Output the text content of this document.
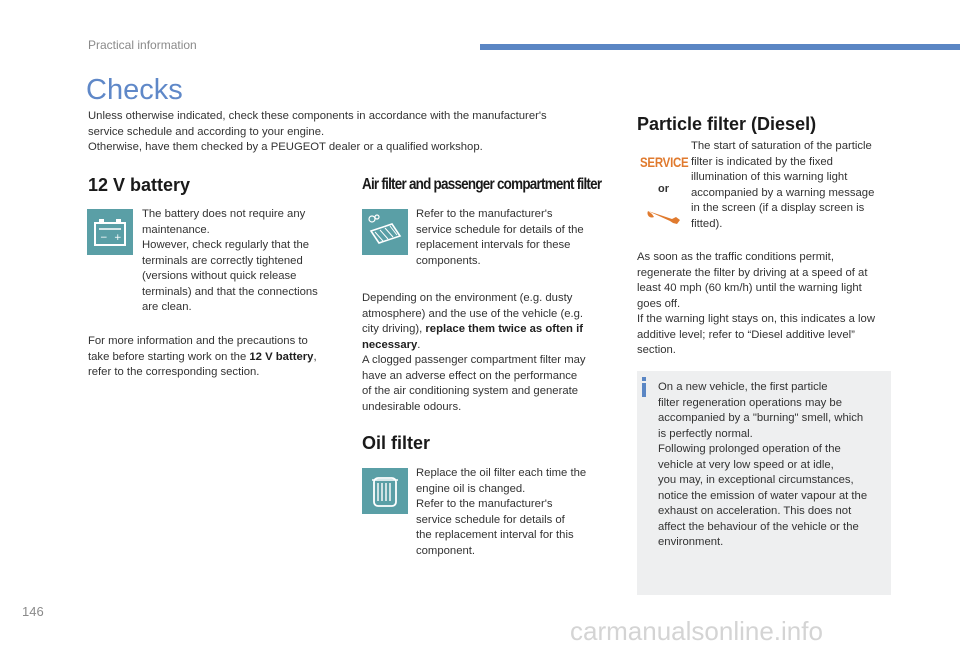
Practical information
Checks
Unless otherwise indicated, check these components in accordance with the manufacturer's
service schedule and according to your engine.
Otherwise, have them checked by a PEUGEOT dealer or a qualified workshop.
12 V battery
− +
The battery does not require any
maintenance.
However, check regularly that the
terminals are correctly tightened
(versions without quick release
terminals) and that the connections
are clean.
For more information and the precautions to
take before starting work on the 12 V battery,
refer to the corresponding section.
Air filter and passenger compartment filter
Refer to the manufacturer's
service schedule for details of the
replacement intervals for these
components.
Depending on the environment (e.g. dusty
atmosphere) and the use of the vehicle (e.g.
city driving), replace them twice as often if
necessary.
A clogged passenger compartment filter may
have an adverse effect on the performance
of the air conditioning system and generate
undesirable odours.
Oil filter
Replace the oil filter each time the
engine oil is changed.
Refer to the manufacturer's
service schedule for details of
the replacement interval for this
component.
Particle filter (Diesel)
SERVICE
or
The start of saturation of the particle
filter is indicated by the fixed
illumination of this warning light
accompanied by a warning message
in the screen (if a display screen is
fitted).
As soon as the traffic conditions permit,
regenerate the filter by driving at a speed of at
least 40 mph (60 km/h) until the warning light
goes off.
If the warning light stays on, this indicates a low
additive level; refer to “Diesel additive level”
section.
On a new vehicle, the first particle
filter regeneration operations may be
accompanied by a "burning" smell, which
is perfectly normal.
Following prolonged operation of the
vehicle at very low speed or at idle,
you may, in exceptional circumstances,
notice the emission of water vapour at the
exhaust on acceleration. This does not
affect the behaviour of the vehicle or the
environment.
146
carmanualsonline.info
